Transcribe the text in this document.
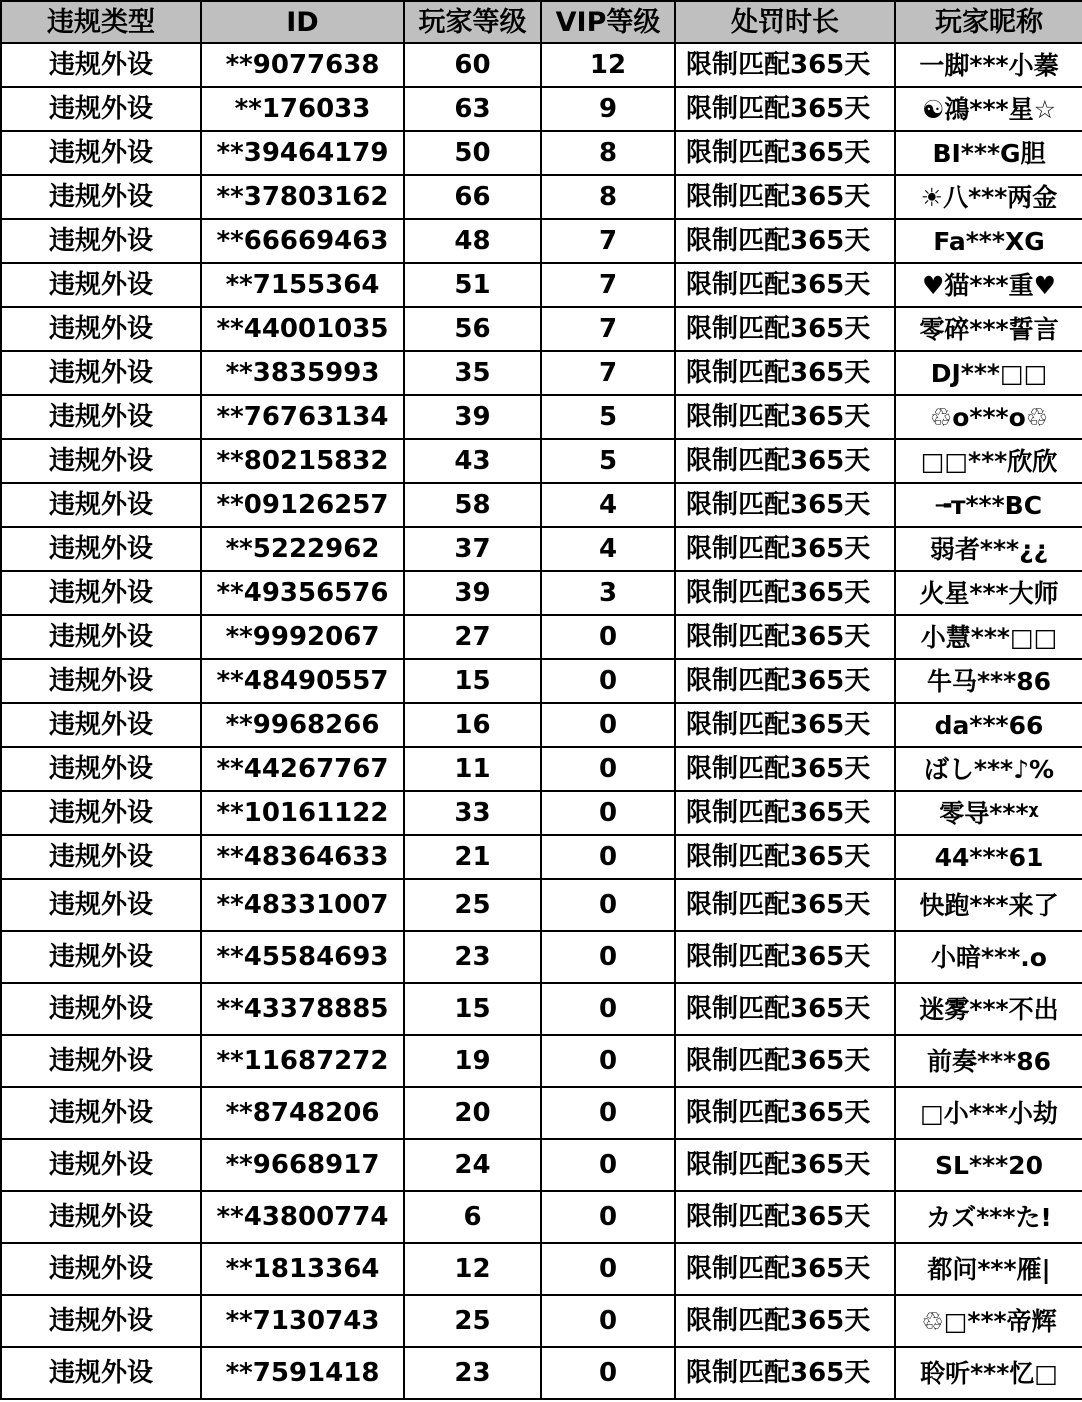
违规类型	ID	玩家等级	VIP等级	处罚时长	玩家昵称
违规外设	**9077638	60	12	限制匹配365天	一脚***小蓁
违规外设	**176033	63	9	限制匹配365天	☯鴻***星☆
违规外设	**39464179	50	8	限制匹配365天	BI***G胆
违规外设	**37803162	66	8	限制匹配365天	☀八***两金
违规外设	**66669463	48	7	限制匹配365天	Fa***XG
违规外设	**7155364	51	7	限制匹配365天	♥猫***重♥
违规外设	**44001035	56	7	限制匹配365天	零碎***誓言
违规外设	**3835993	35	7	限制匹配365天	DJ***□□
违规外设	**76763134	39	5	限制匹配365天	♲o***o♲
违规外设	**80215832	43	5	限制匹配365天	□□***欣欣
违规外设	**09126257	58	4	限制匹配365天	╼т***BC
违规外设	**5222962	37	4	限制匹配365天	弱者***¿¿
违规外设	**49356576	39	3	限制匹配365天	火星***大师
违规外设	**9992067	27	0	限制匹配365天	小慧***□□
违规外设	**48490557	15	0	限制匹配365天	牛马***86
违规外设	**9968266	16	0	限制匹配365天	da***66
违规外设	**44267767	11	0	限制匹配365天	ばし***♪%
违规外设	**10161122	33	0	限制匹配365天	零导***ᵡ
违规外设	**48364633	21	0	限制匹配365天	44***61
违规外设	**48331007	25	0	限制匹配365天	快跑***来了
违规外设	**45584693	23	0	限制匹配365天	小暗***.o
违规外设	**43378885	15	0	限制匹配365天	迷雾***不出
违规外设	**11687272	19	0	限制匹配365天	前奏***86
违规外设	**8748206	20	0	限制匹配365天	□小***小劫
违规外设	**9668917	24	0	限制匹配365天	SL***20
违规外设	**43800774	6	0	限制匹配365天	カズ***た!
违规外设	**1813364	12	0	限制匹配365天	都问***雁|
违规外设	**7130743	25	0	限制匹配365天	♲□***帝辉
违规外设	**7591418	23	0	限制匹配365天	聆听***忆□
